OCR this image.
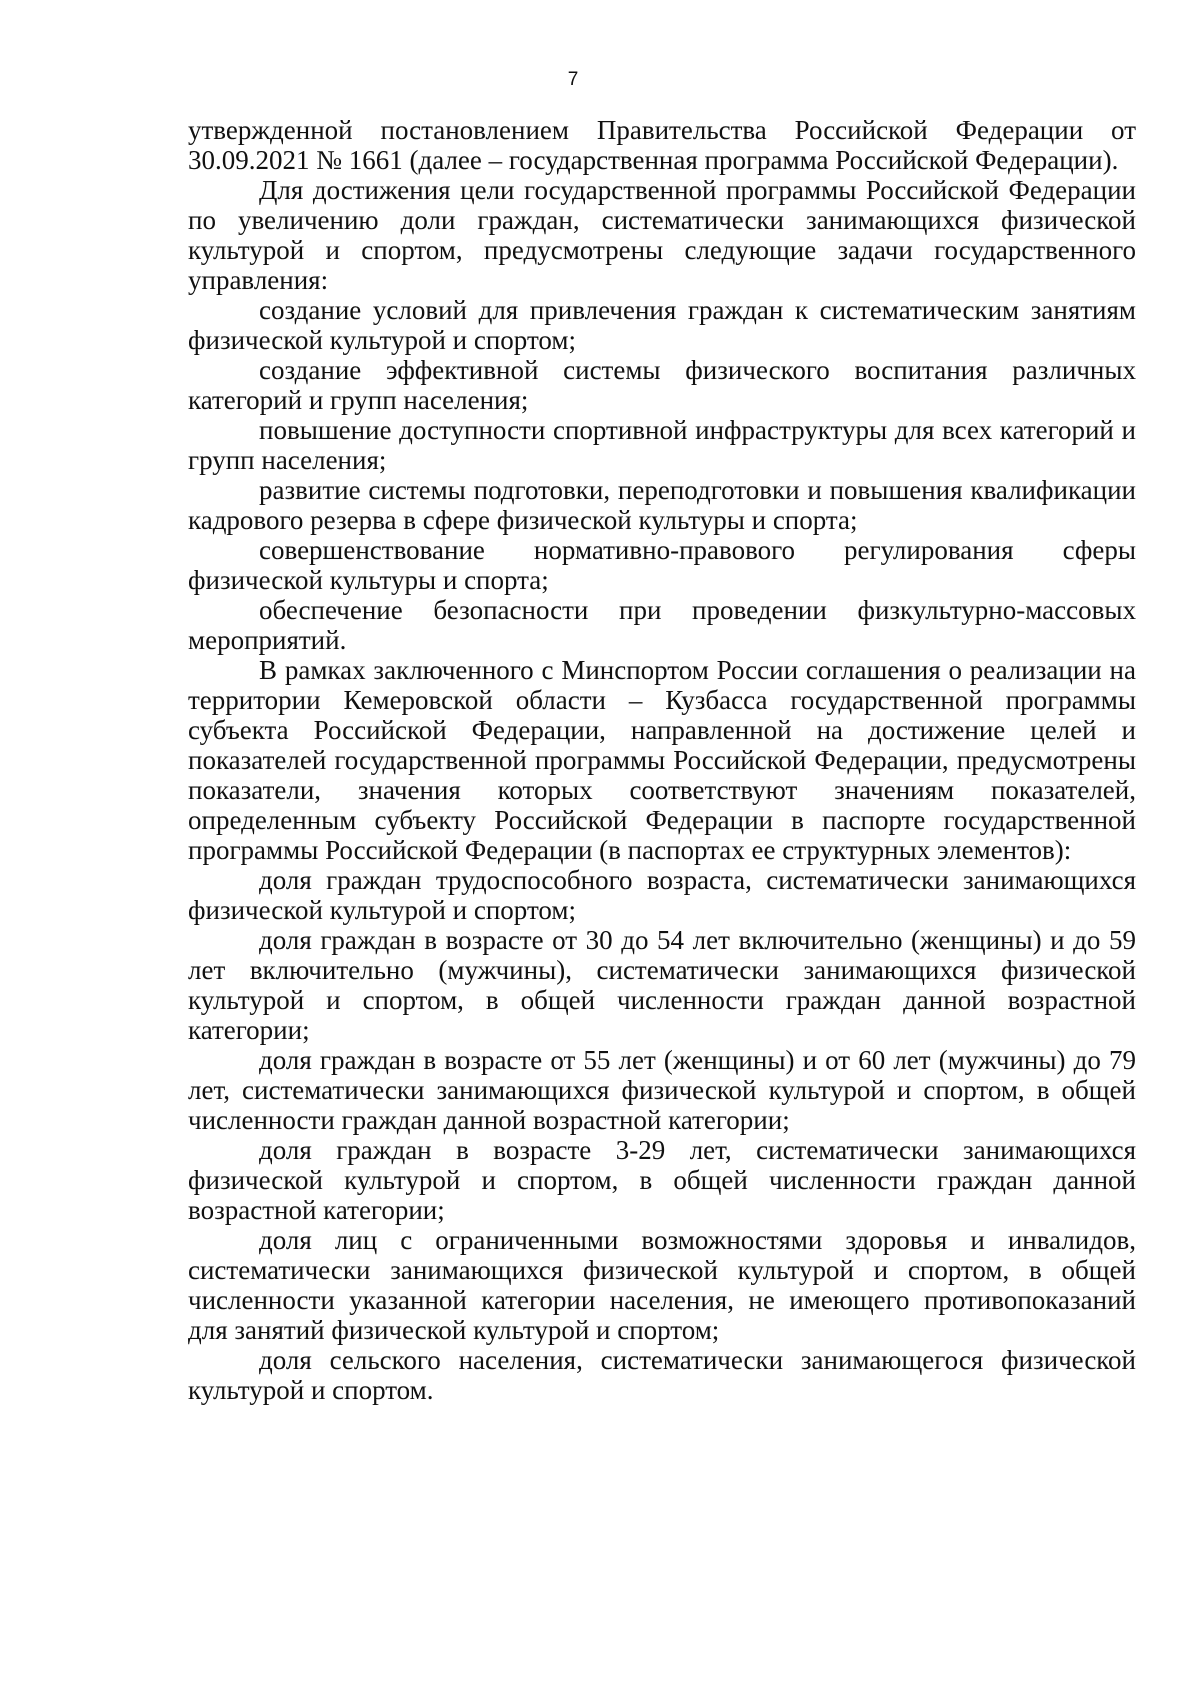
7

утвержденной постановлением Правительства Российской Федерации от 30.09.2021 № 1661 (далее – государственная программа Российской Федерации).

Для достижения цели государственной программы Российской Федерации по увеличению доли граждан, систематически занимающихся физической культурой и спортом, предусмотрены следующие задачи государственного управления:

создание условий для привлечения граждан к систематическим занятиям физической культурой и спортом;

создание эффективной системы физического воспитания различных категорий и групп населения;

повышение доступности спортивной инфраструктуры для всех категорий и групп населения;

развитие системы подготовки, переподготовки и повышения квалификации кадрового резерва в сфере физической культуры и спорта;

совершенствование нормативно-правового регулирования сферы физической культуры и спорта;

обеспечение безопасности при проведении физкультурно-массовых мероприятий.

В рамках заключенного с Минспортом России соглашения о реализации на территории Кемеровской области – Кузбасса государственной программы субъекта Российской Федерации, направленной на достижение целей и показателей государственной программы Российской Федерации, предусмотрены показатели, значения которых соответствуют значениям показателей, определенным субъекту Российской Федерации в паспорте государственной программы Российской Федерации (в паспортах ее структурных элементов):

доля граждан трудоспособного возраста, систематически занимающихся физической культурой и спортом;

доля граждан в возрасте от 30 до 54 лет включительно (женщины) и до 59 лет включительно (мужчины), систематически занимающихся физической культурой и спортом, в общей численности граждан данной возрастной категории;

доля граждан в возрасте от 55 лет (женщины) и от 60 лет (мужчины) до 79 лет, систематически занимающихся физической культурой и спортом, в общей численности граждан данной возрастной категории;

доля граждан в возрасте 3-29 лет, систематически занимающихся физической культурой и спортом, в общей численности граждан данной возрастной категории;

доля лиц с ограниченными возможностями здоровья и инвалидов, систематически занимающихся физической культурой и спортом, в общей численности указанной категории населения, не имеющего противопоказаний для занятий физической культурой и спортом;

доля сельского населения, систематически занимающегося физической культурой и спортом.
